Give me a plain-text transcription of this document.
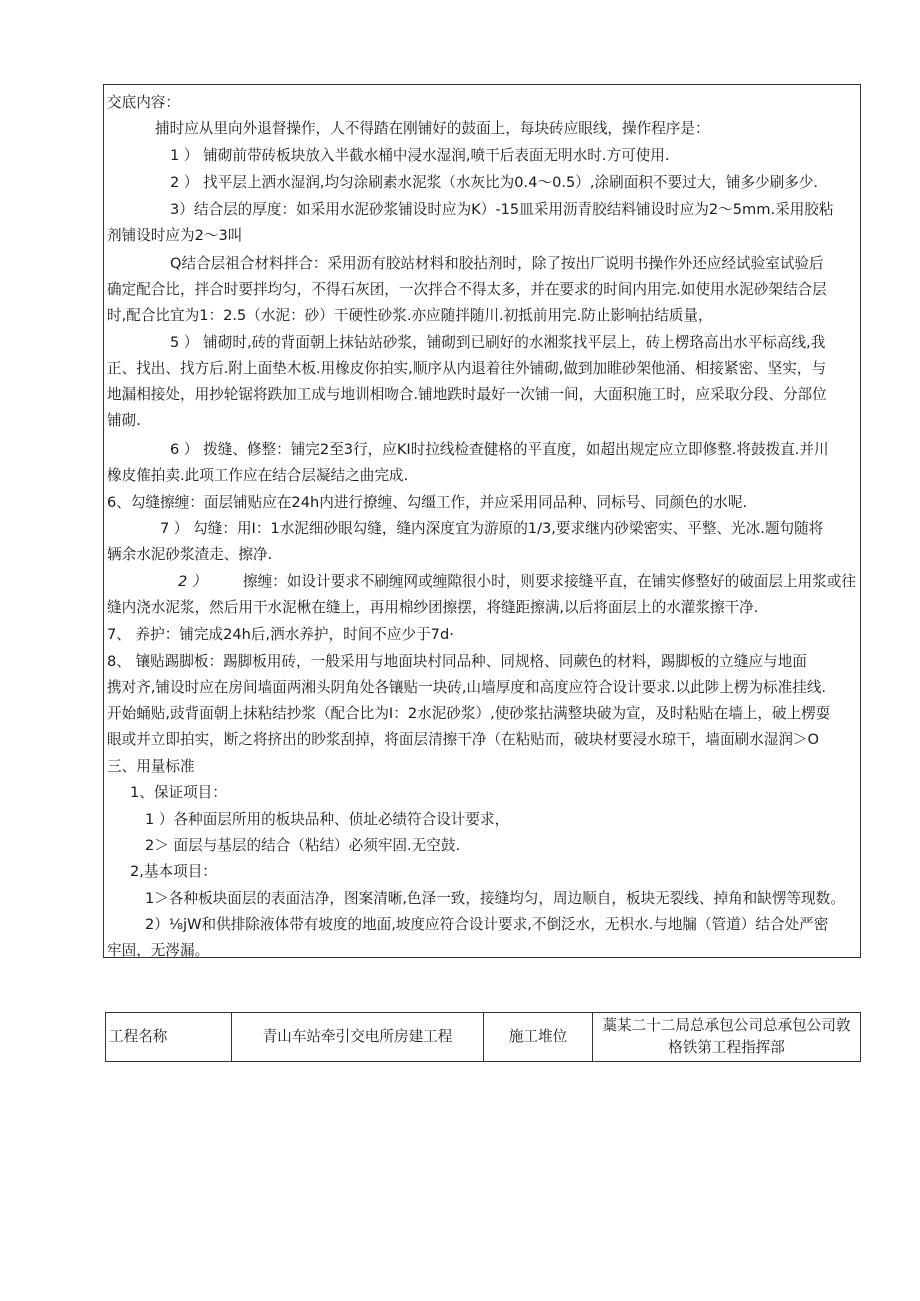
交底内容：
捕时应从里向外退督操作，人不得踏在刚铺好的鼓面上，每块砖应眼线，操作程序是：
1 ） 铺砌前带砖板块放入半截水桶中浸水湿润,喷干后表面无明水时.方可使用.
2 ） 找平层上洒水湿润,均匀涂刷素水泥浆（水灰比为0.4～0.5）,涂刷面积不要过大，铺多少刷多少.
3）结合层的厚度：如采用水泥砂浆铺设时应为K）-15皿采用沥青胶结料铺设时应为2～5mm.采用胶粘
剂铺设时应为2～3叫
Q结合层祖合材料拌合：采用沥有胶站材料和胶拈剂时，除了按出厂说明书操作外还应经试验室试验后
确定配合比，拌合时要拌均匀，不得石灰团，一次拌合不得太多，并在要求的时间内用完.如使用水泥砂架结合层
时,配合比宜为1：2.5（水泥：砂）干硬性砂浆.亦应随拌随川.初抵前用完.防止影响拈结质量，
5 ） 铺砌时,砖的背面朝上抹钻站砂浆，铺砌到已刷好的水湘浆找平层上，砖上楞珞高出水平标高线,我
正、找出、找方后.附上面垫木板.用橡皮你拍实,顺序从内退着往外铺砌,做到加睢砂架他涌、相接紧密、坚实，与
地漏相接处，用抄轮锯将跌加工成与地训相吻合.铺地跌时最好一次铺一间，大面积施工时，应采取分段、分部位
铺砌.
6 ） 拨缝、修整：铺完2至3行，应KI时拉线检查健格的平直度，如超出规定应立即修整.将鼓拨直.并川
橡皮傕拍卖.此项工作应在结合层凝结之曲完成.
6、勾缝擦缠：面层铺贴应在24h内进行撩缠、勾缰工作，并应采用同品种、同标号、同颜色的水呢.
7 ） 勾缝：用I：1水泥细砂眼勾缝，缝内深度宜为游原的1/3,要求继内砂梁密实、平整、光冰.题句随将
辆余水泥砂浆渣走、擦净.
2 ） 擦缠：如设计要求不刷缠网或缠隙很小时，则要求接缝平直，在铺实修整好的破面层上用浆或往
缝内浇水泥浆，然后用干水泥楸在缝上，再用棉纱团擦摆，将缝距擦满,以后将面层上的水灌浆擦干净.
7、 养护：铺完成24h后,洒水养护，时间不应少于7d·
8、 镶贴踢脚板：踢脚板用砖，一般采用与地面块村同品种、同规格、同蕨色的材料，踢脚板的立缝应与地面
携对齐,铺设时应在房间墙面两湘头阴角处各镶贴一块砖,山墙厚度和高度应符合设计要求.以此陟上楞为标准挂线.
开始蛹贴,豉背面朝上抹粘结抄浆（配合比为I：2水泥砂浆）,使砂浆拈满整块破为宣，及时粘贴在墙上，破上楞耍
眼或并立即拍实，断之将挤出的眇浆刮掉，将面层清擦干净（在粘贴而，破块材要浸水琼干，墙面刷水湿润＞O
三、用量标准
1、保证项目：
1 ）各种面层所用的板块品种、侦址必绩符合设计要求，
2＞ 面层与基层的结合（粘结）必须牢固.无空鼓.
2,基本项目：
1＞各种板块面层的表面洁净，图案清晰,色泽一致，接缝均匀，周边顺自，板块无裂线、掉角和缺愣等现数。
2）⅛jW和供排除液体带有坡度的地面,坡度应符合设计要求,不倒泛水，无枳水.与地牖（管道）结合处严密
牢固，无涔漏。
工程名称	青山车站牵引交电所房建工程	施工堆位	藁某二十二局总承包公司总承包公司敦格铁第工程指挥部
